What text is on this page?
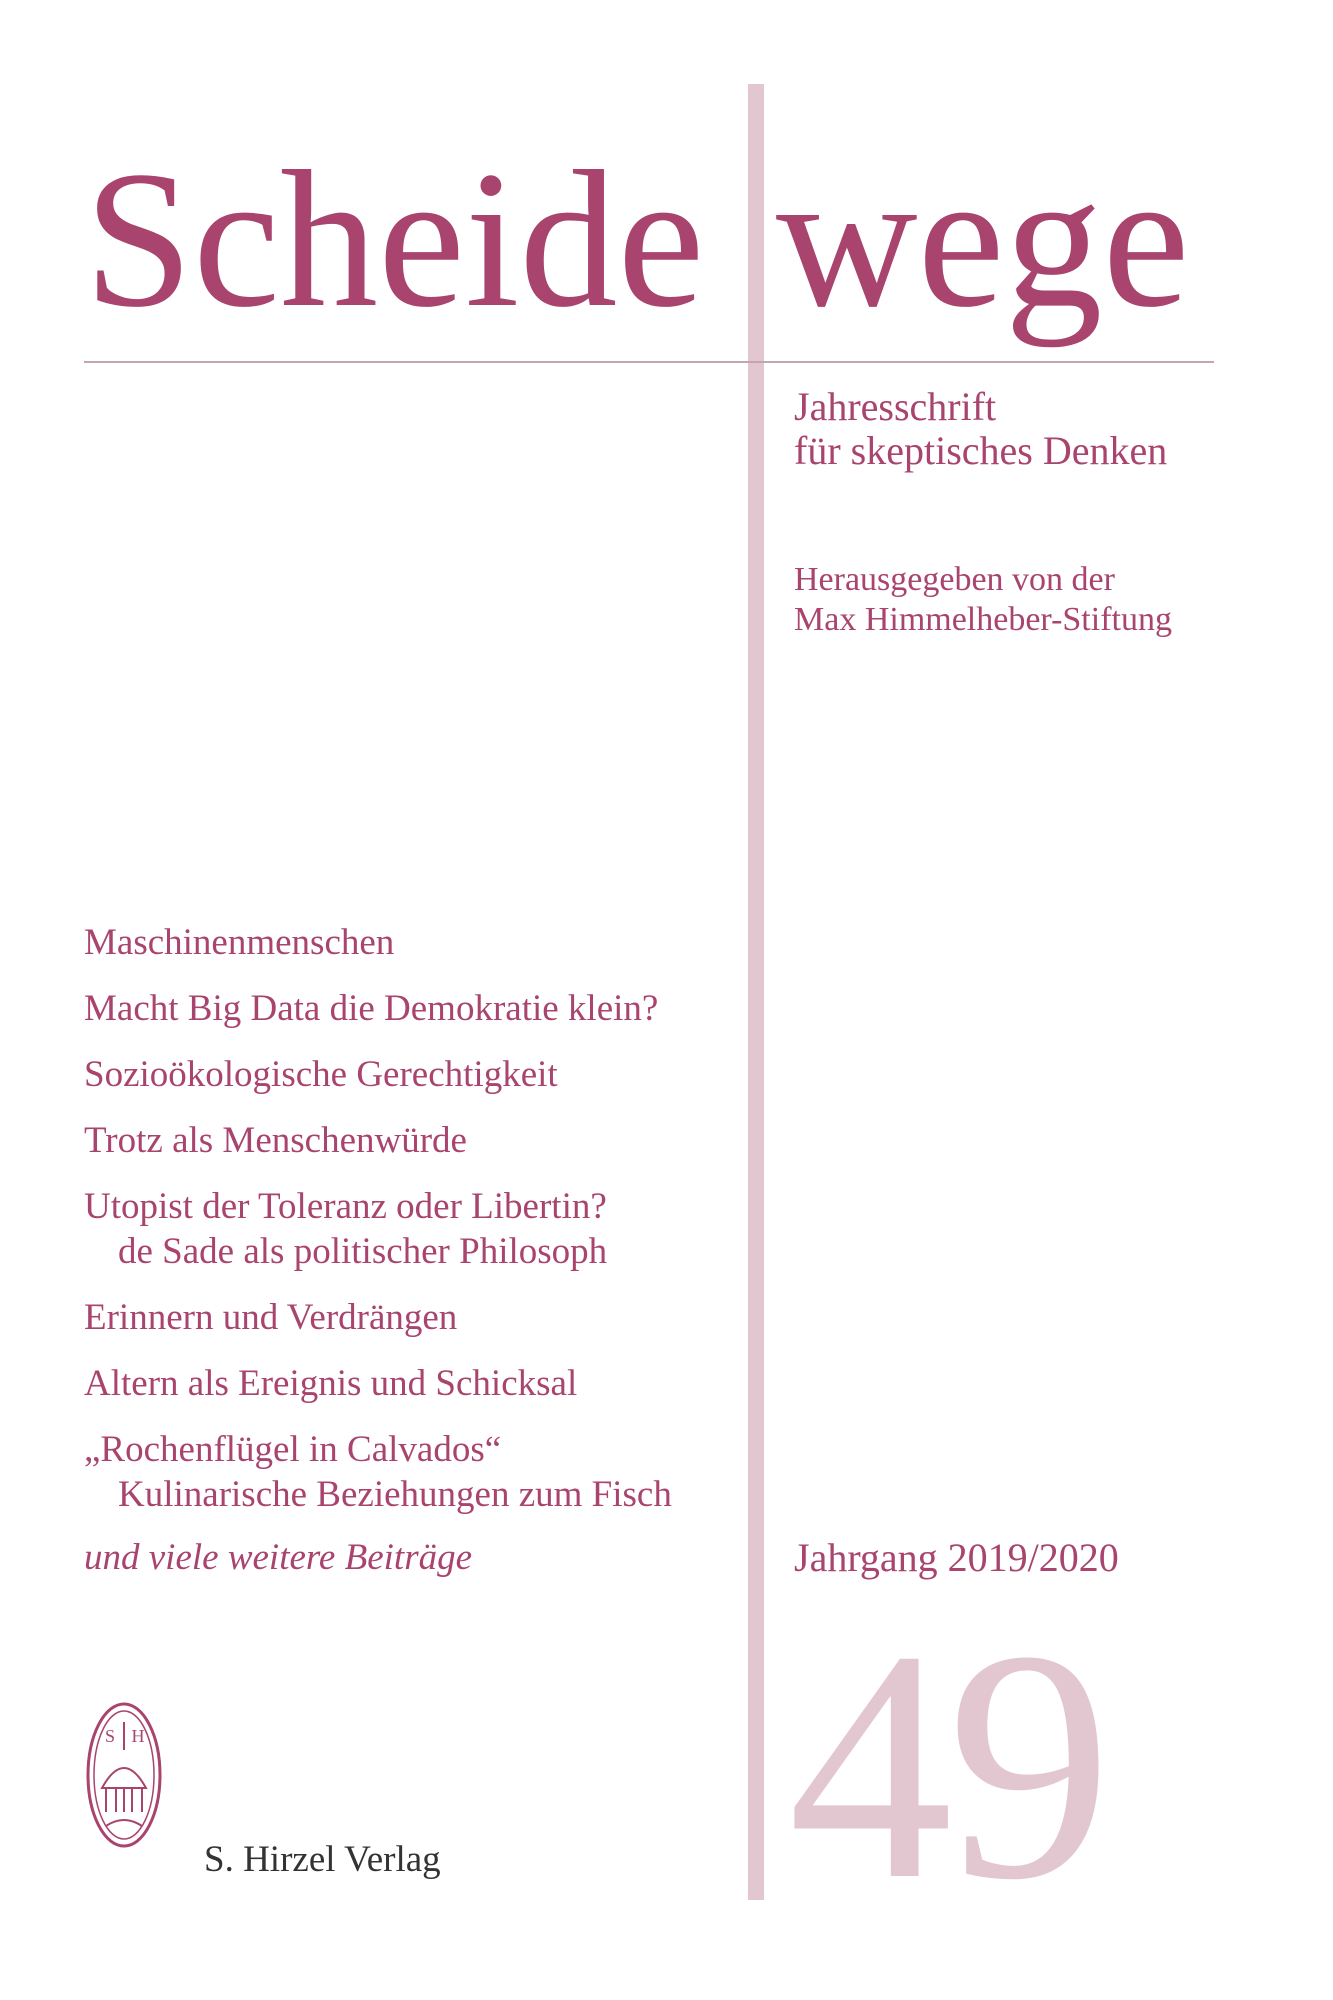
Scheide wege
Jahresschrift
für skeptisches Denken
Herausgegeben von der
Max Himmelheber-Stiftung
Maschinenmenschen
Macht Big Data die Demokratie klein?
Sozioökologische Gerechtigkeit
Trotz als Menschenwürde
Utopist der Toleranz oder Libertin?
de Sade als politischer Philosoph
Erinnern und Verdrängen
Altern als Ereignis und Schicksal
„Rochenflügel in Calvados“
Kulinarische Beziehungen zum Fisch
und viele weitere Beiträge	Jahrgang 2019/2020
49
S H
S. Hirzel Verlag
